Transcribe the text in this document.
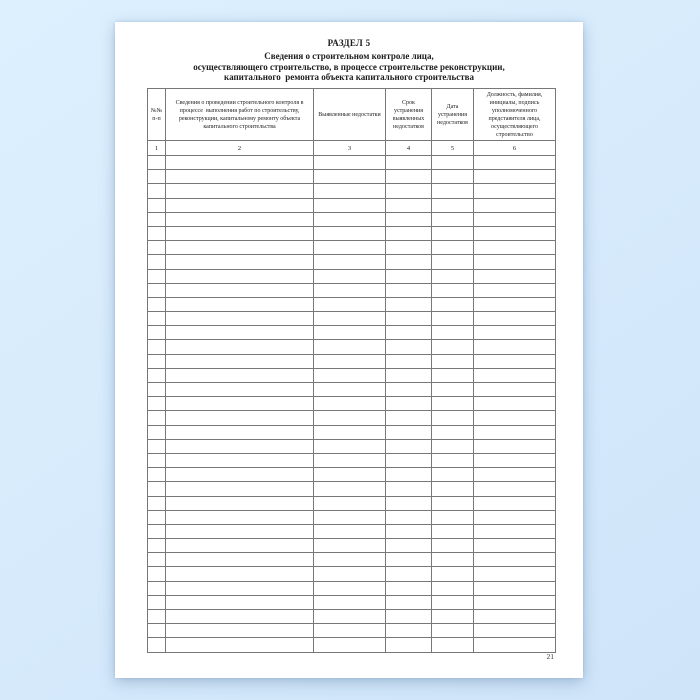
РАЗДЕЛ 5
Сведения о строительном контроле лица,
осуществляющего строительство, в процессе строительстве реконструкции,
капитального  ремонта объекта капитального строительства
№№ п-п	Сведения о проведении строительного контроля в процессе  выполнения работ по строительству, реконструкции, капитальному ремонту объекта капитального строительства	Выявленные недостатки	Срок устранения выявленных недостатков	Дата устранения недостатков	Должность, фамилия, инициалы, подпись уполномоченного представителя лица, осуществляющего строительство
1	2	3	4	5	6

21
